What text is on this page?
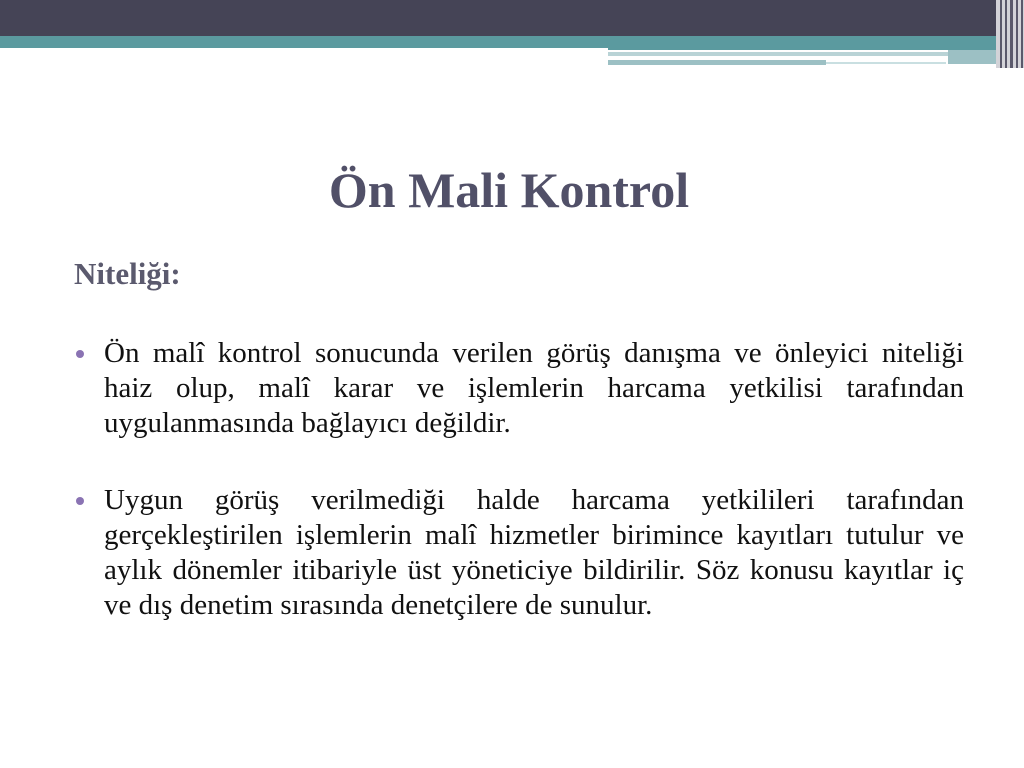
Ön Mali Kontrol

Niteliği:

Ön malî kontrol sonucunda verilen görüş danışma ve önleyici niteliği haiz olup, malî karar ve işlemlerin harcama yetkilisi tarafından uygulanmasında bağlayıcı değildir.
Uygun görüş verilmediği halde harcama yetkilileri tarafından gerçekleştirilen işlemlerin malî hizmetler birimince kayıtları tutulur ve aylık dönemler itibariyle üst yöneticiye bildirilir. Söz konusu kayıtlar iç ve dış denetim sırasında denetçilere de sunulur.
